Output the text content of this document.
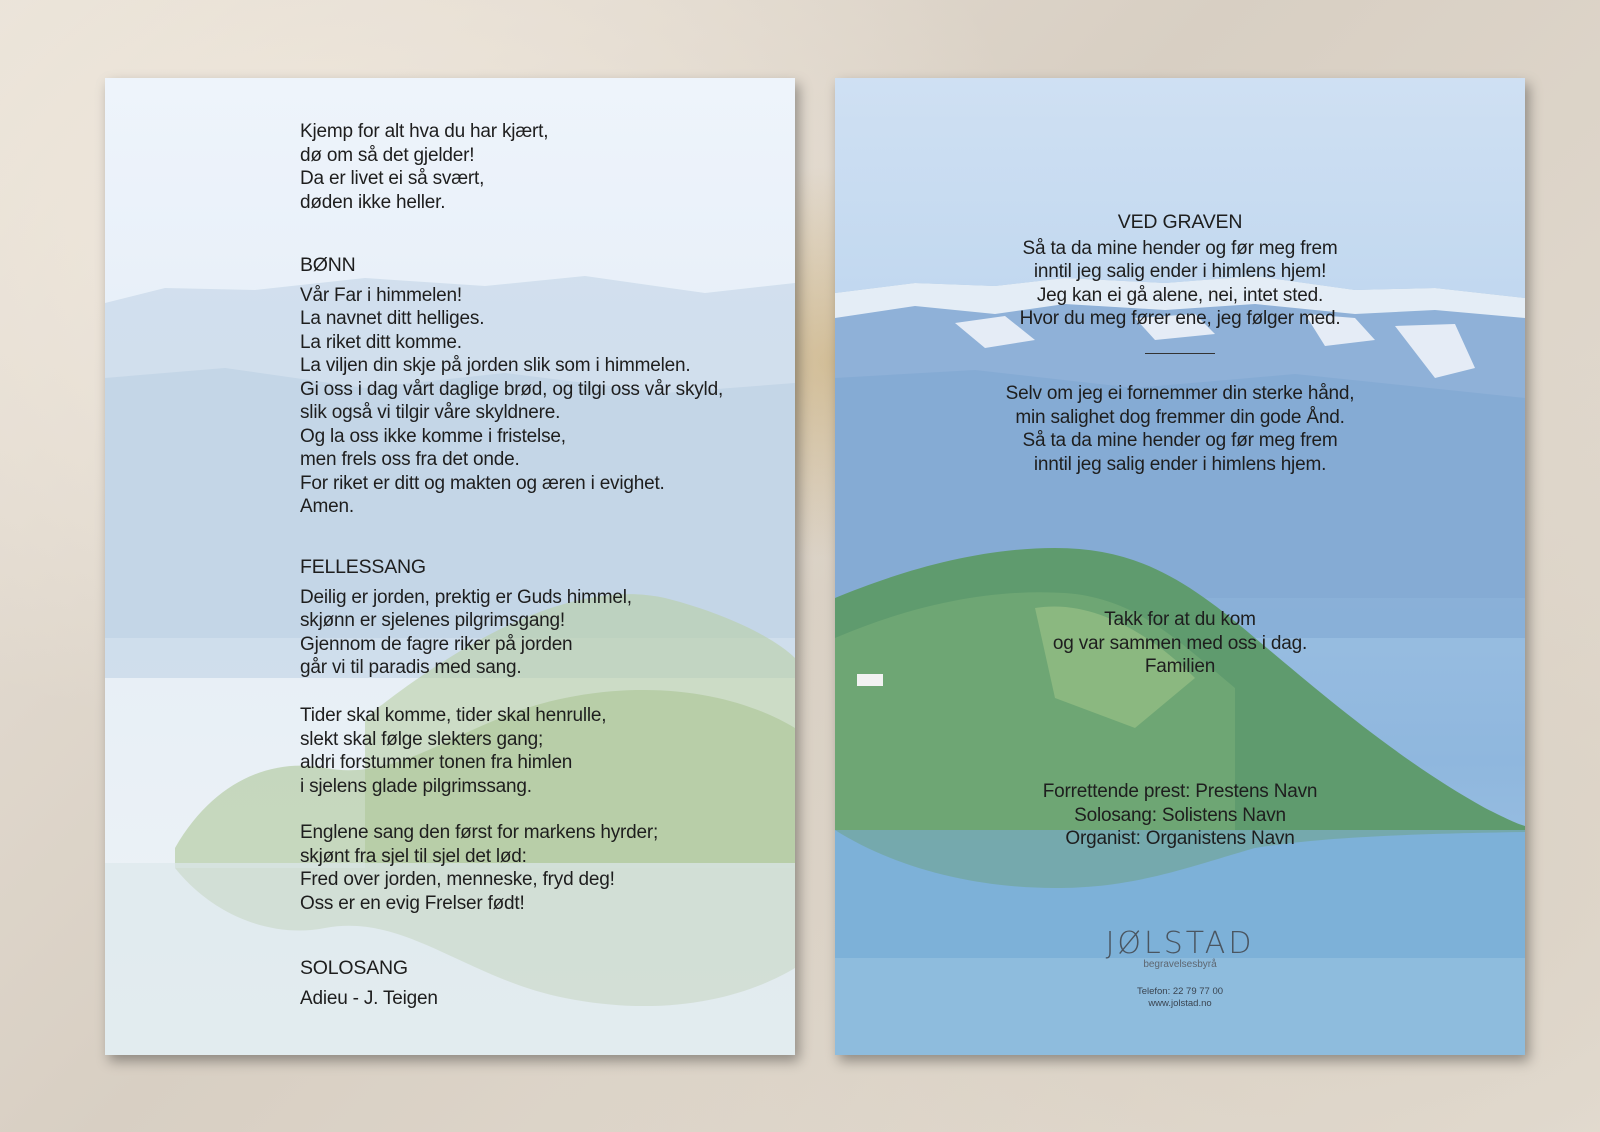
Kjemp for alt hva du har kjært,
dø om så det gjelder!
Da er livet ei så svært,
døden ikke heller.
BØNN
Vår Far i himmelen!
La navnet ditt helliges.
La riket ditt komme.
La viljen din skje på jorden slik som i himmelen.
Gi oss i dag vårt daglige brød, og tilgi oss vår skyld,
slik også vi tilgir våre skyldnere.
Og la oss ikke komme i fristelse,
men frels oss fra det onde.
For riket er ditt og makten og æren i evighet.
Amen.
FELLESSANG
Deilig er jorden, prektig er Guds himmel,
skjønn er sjelenes pilgrimsgang!
Gjennom de fagre riker på jorden
går vi til paradis med sang.
Tider skal komme, tider skal henrulle,
slekt skal følge slekters gang;
aldri forstummer tonen fra himlen
i sjelens glade pilgrimssang.
Englene sang den først for markens hyrder;
skjønt fra sjel til sjel det lød:
Fred over jorden, menneske, fryd deg!
Oss er en evig Frelser født!
SOLOSANG
Adieu - J. Teigen
VED GRAVEN
Så ta da mine hender og før meg frem
inntil jeg salig ender i himlens hjem!
Jeg kan ei gå alene, nei, intet sted.
Hvor du meg fører ene, jeg følger med.
Selv om jeg ei fornemmer din sterke hånd,
min salighet dog fremmer din gode Ånd.
Så ta da mine hender og før meg frem
inntil jeg salig ender i himlens hjem.
Takk for at du kom
og var sammen med oss i dag.
Familien
Forrettende prest: Prestens Navn
Solosang: Solistens Navn
Organist: Organistens Navn
JØLSTAD
begravelsesbyrå
Telefon: 22 79 77 00
www.jolstad.no
